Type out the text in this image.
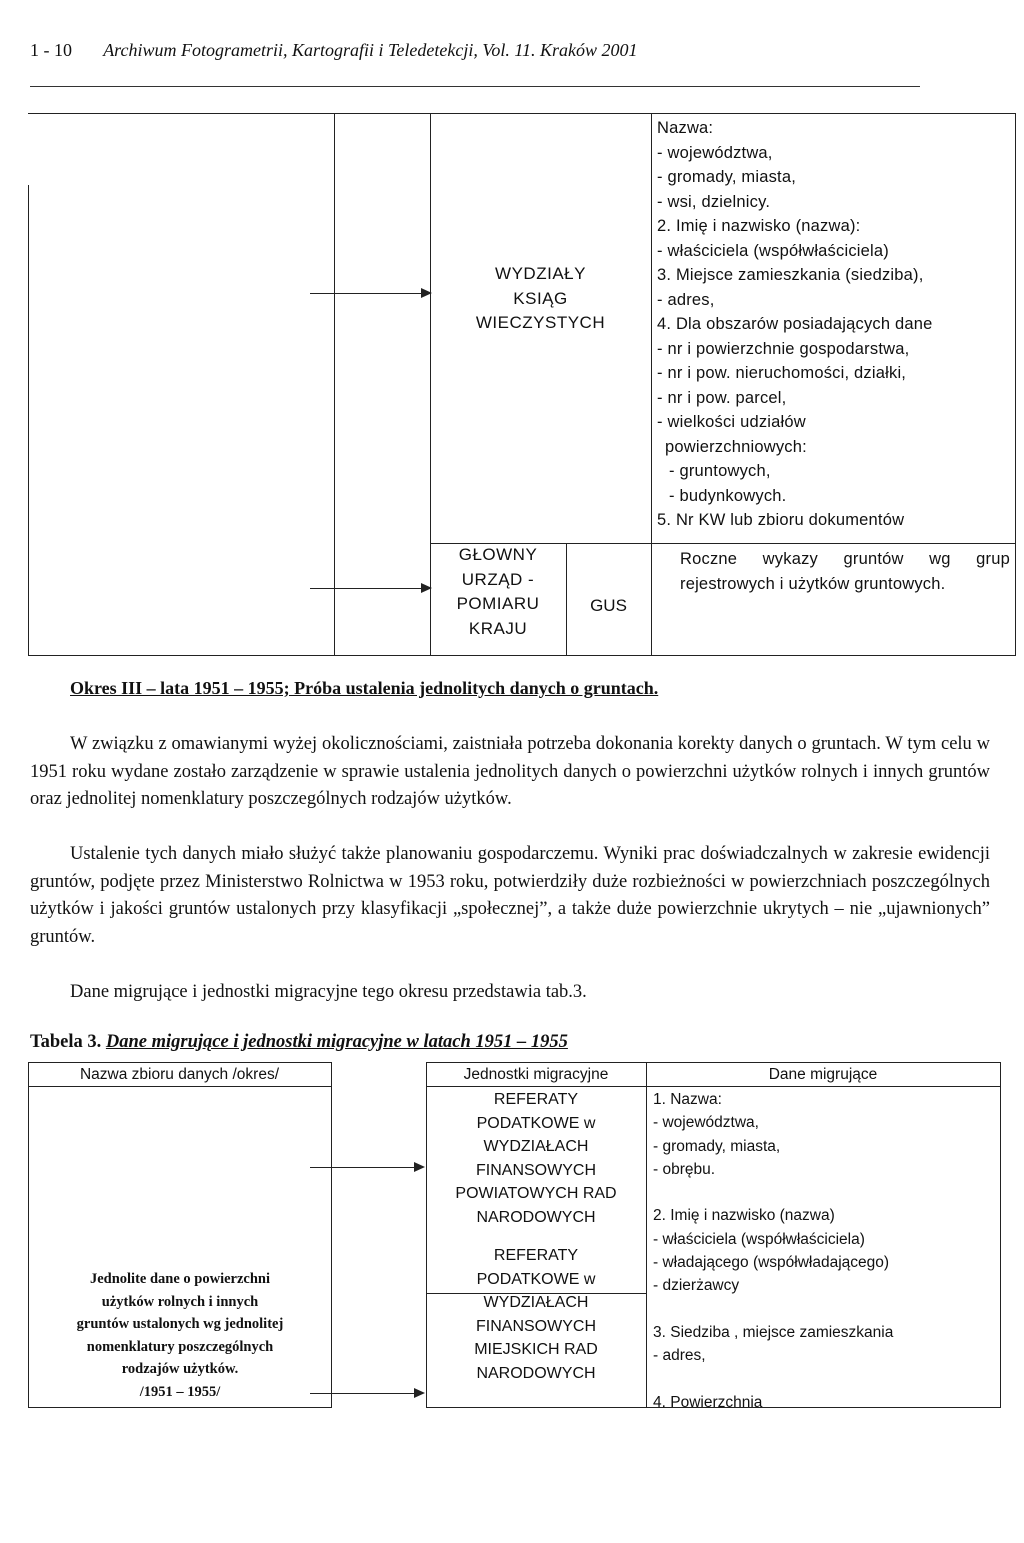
1 - 10 Archiwum Fotogrametrii, Kartografii i Teledetekcji, Vol. 11. Kraków 2001
WYDZIAŁY
KSIĄG
WIECZYSTYCH
GŁOWNY
URZĄD -
POMIARU
KRAJU
GUS
Nazwa:
- województwa,
- gromady, miasta,
- wsi, dzielnicy.
2. Imię i nazwisko (nazwa):
- właściciela (współwłaściciela)
3. Miejsce zamieszkania (siedziba),
- adres,
4. Dla obszarów posiadających dane
- nr i powierzchnie gospodarstwa,
- nr i pow. nieruchomości, działki,
- nr i pow. parcel,
- wielkości udziałów
powierzchniowych:
- gruntowych,
- budynkowych.
5. Nr KW lub zbioru dokumentów
Roczne wykazy gruntów wg grup rejestrowych i użytków gruntowych.
Okres III – lata 1951 – 1955; Próba ustalenia jednolitych danych o gruntach.
W związku z omawianymi wyżej okolicznościami, zaistniała potrzeba dokonania korekty danych o gruntach. W tym celu w 1951 roku wydane zostało zarządzenie w sprawie ustalenia jednolitych danych o powierzchni użytków rolnych i innych gruntów oraz jednolitej nomenklatury poszczególnych rodzajów użytków.
Ustalenie tych danych miało służyć także planowaniu gospodarczemu. Wyniki prac doświadczalnych w zakresie ewidencji gruntów, podjęte przez Ministerstwo Rolnictwa w 1953 roku, potwierdziły duże rozbieżności w powierzchniach poszczególnych użytków i jakości gruntów ustalonych przy klasyfikacji „społecznej”, a także duże powierzchnie ukrytych – nie „ujawnionych” gruntów.
Dane migrujące i jednostki migracyjne tego okresu przedstawia tab.3.
Tabela 3. Dane migrujące i jednostki migracyjne w latach 1951 – 1955
Nazwa zbioru danych /okres/	Jednostki migracyjne	Dane migrujące
Jednolite dane o powierzchni
użytków rolnych i innych
gruntów ustalonych wg jednolitej
nomenklatury poszczególnych
rodzajów użytków.
/1951 – 1955/
REFERATY
PODATKOWE w
WYDZIAŁACH
FINANSOWYCH
POWIATOWYCH RAD
NARODOWYCH
REFERATY
PODATKOWE w
WYDZIAŁACH
FINANSOWYCH
MIEJSKICH RAD
NARODOWYCH
1. Nazwa:
- województwa,
- gromady, miasta,
- obrębu.
2. Imię i nazwisko (nazwa)
- właściciela (współwłaściciela)
- władającego (współwładającego)
- dzierżawcy
3. Siedziba , miejsce zamieszkania
- adres,
4. Powierzchnia
